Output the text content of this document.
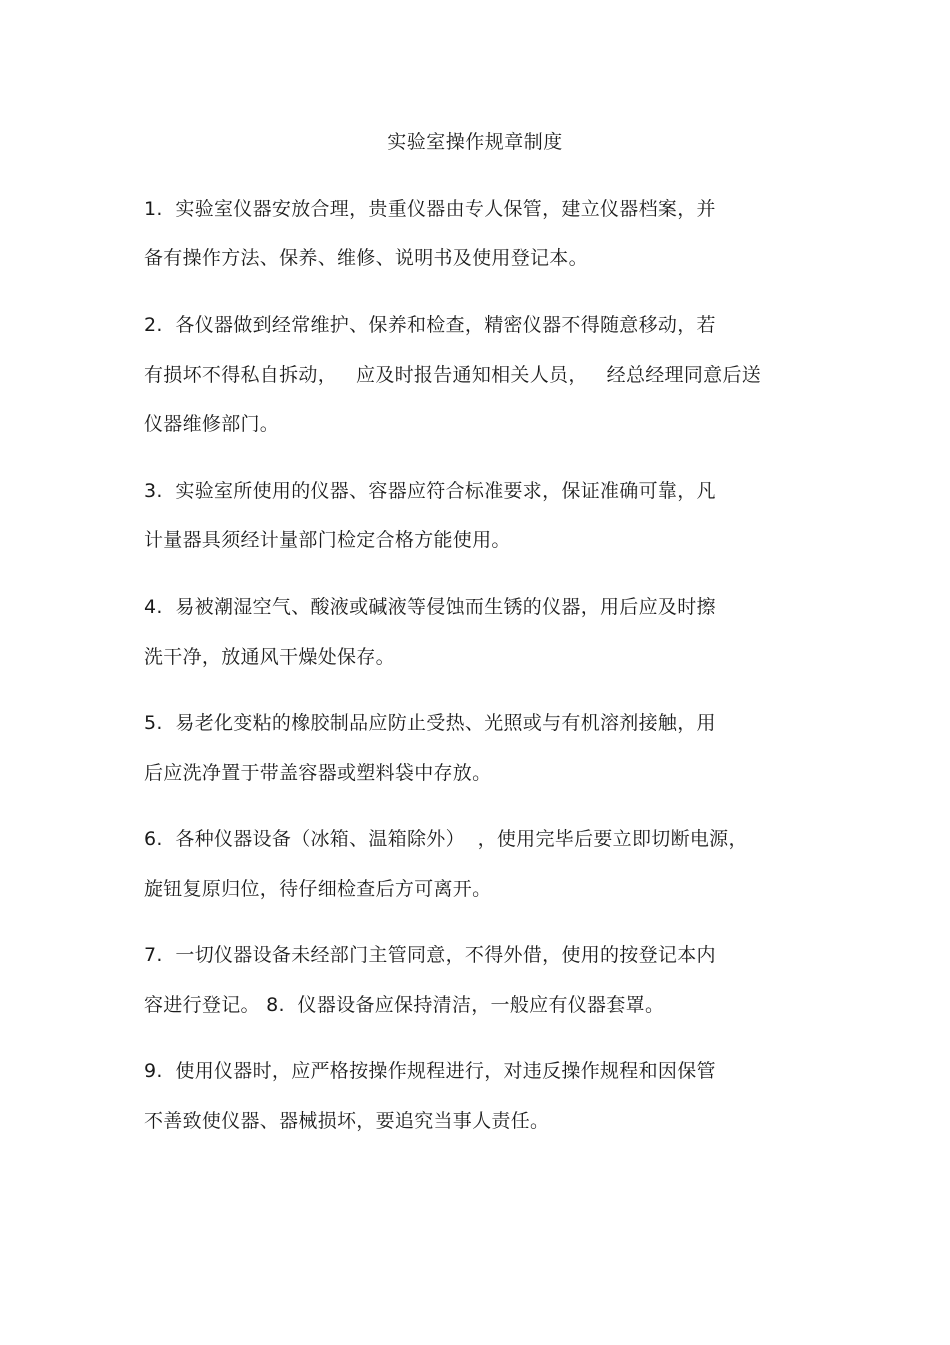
实验室操作规章制度
1.  实验室仪器安放合理，贵重仪器由专人保管，建立仪器档案，并
备有操作方法、保养、维修、说明书及使用登记本。
2.  各仪器做到经常维护、保养和检查，精密仪器不得随意移动，若
有损坏不得私自拆动，   应及时报告通知相关人员，   经总经理同意后送
仪器维修部门。
3.  实验室所使用的仪器、容器应符合标准要求，保证准确可靠，凡
计量器具须经计量部门检定合格方能使用。
4.  易被潮湿空气、酸液或碱液等侵蚀而生锈的仪器，用后应及时擦
洗干净，放通风干燥处保存。
5.  易老化变粘的橡胶制品应防止受热、光照或与有机溶剂接触，用
后应洗净置于带盖容器或塑料袋中存放。
6.  各种仪器设备（冰箱、温箱除外）  ，使用完毕后要立即切断电源，
旋钮复原归位，待仔细检查后方可离开。
7.  一切仪器设备未经部门主管同意，不得外借，使用的按登记本内
容进行登记。 8.  仪器设备应保持清洁，一般应有仪器套罩。
9.  使用仪器时，应严格按操作规程进行，对违反操作规程和因保管
不善致使仪器、器械损坏，要追究当事人责任。
